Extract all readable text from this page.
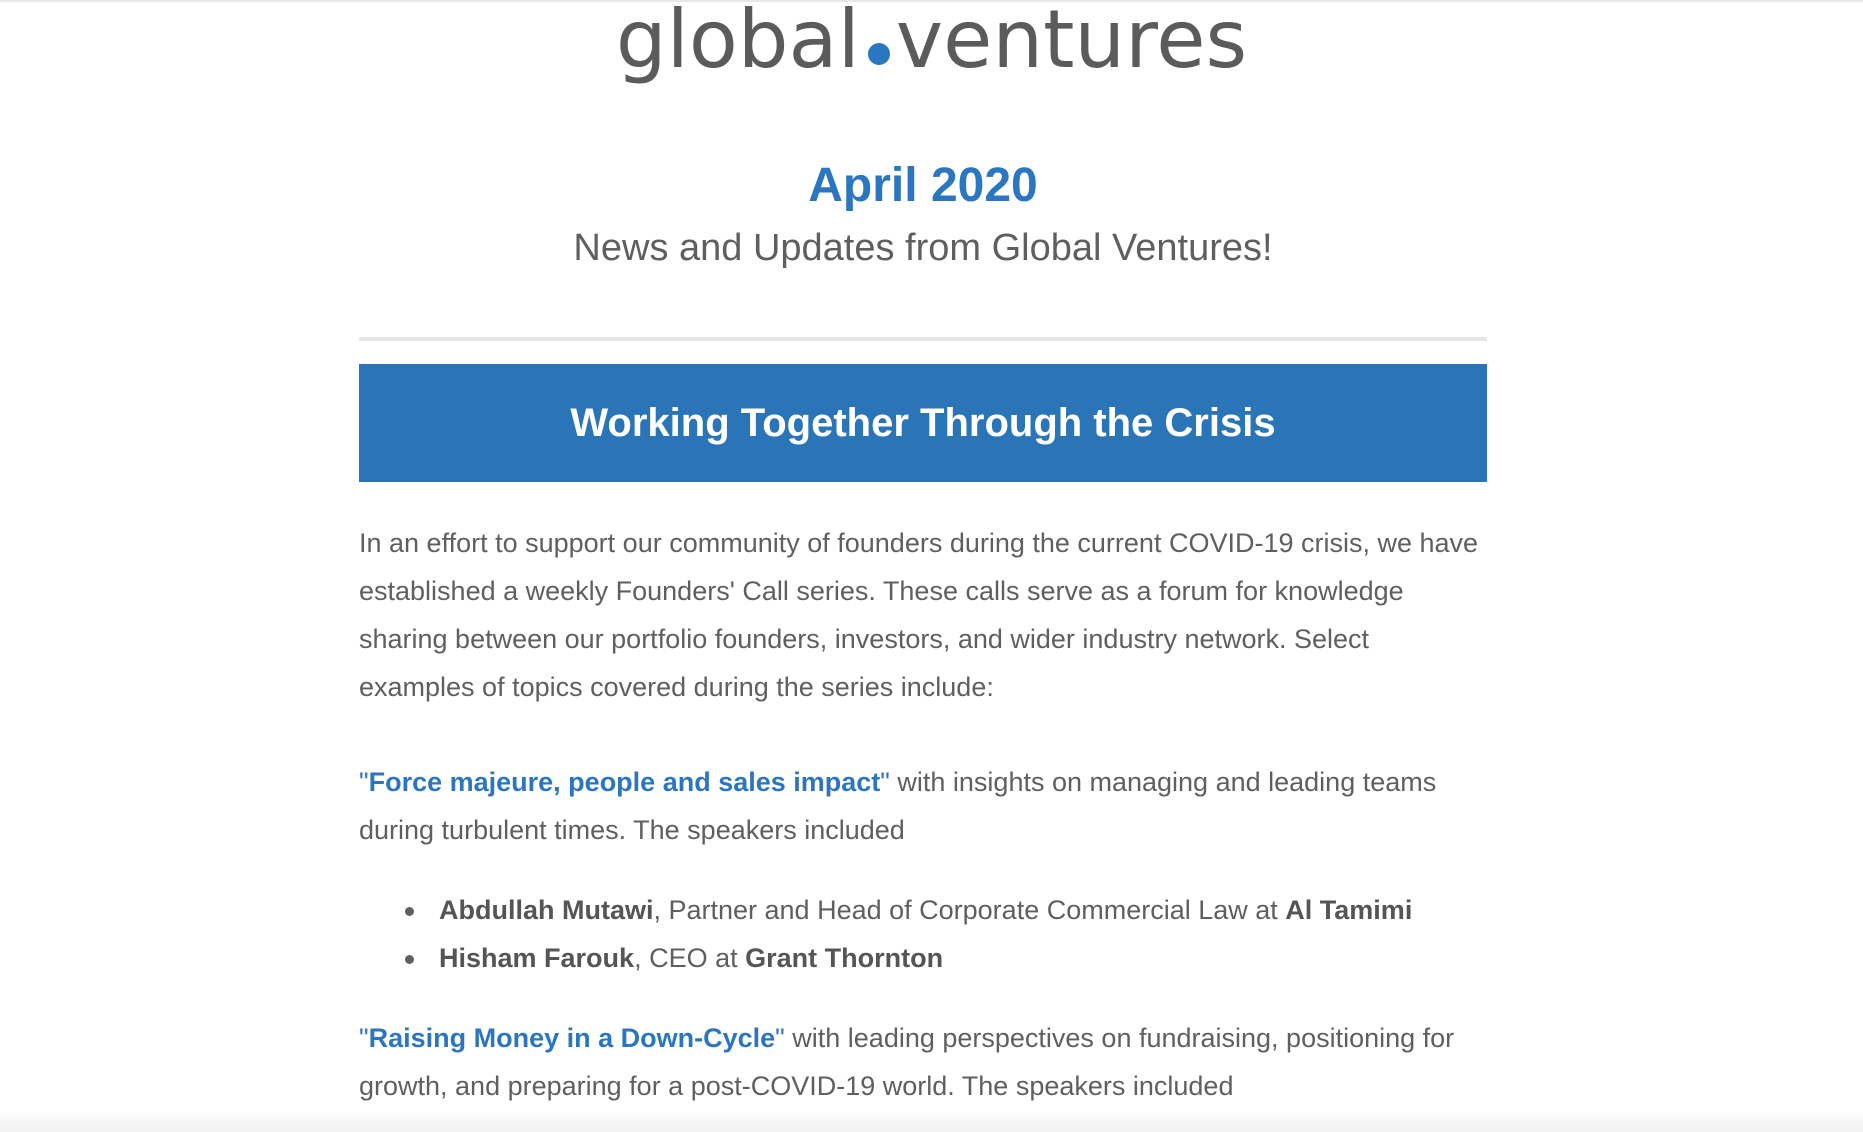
global ventures
April 2020
News and Updates from Global Ventures!
Working Together Through the Crisis

In an effort to support our community of founders during the current COVID-19 crisis, we have established a weekly Founders' Call series. These calls serve as a forum for knowledge sharing between our portfolio founders, investors, and wider industry network. Select examples of topics covered during the series include:

"Force majeure, people and sales impact" with insights on managing and leading teams during turbulent times. The speakers included

Abdullah Mutawi, Partner and Head of Corporate Commercial Law at Al Tamimi
Hisham Farouk, CEO at Grant Thornton

"Raising Money in a Down-Cycle" with leading perspectives on fundraising, positioning for growth, and preparing for a post-COVID-19 world. The speakers included
